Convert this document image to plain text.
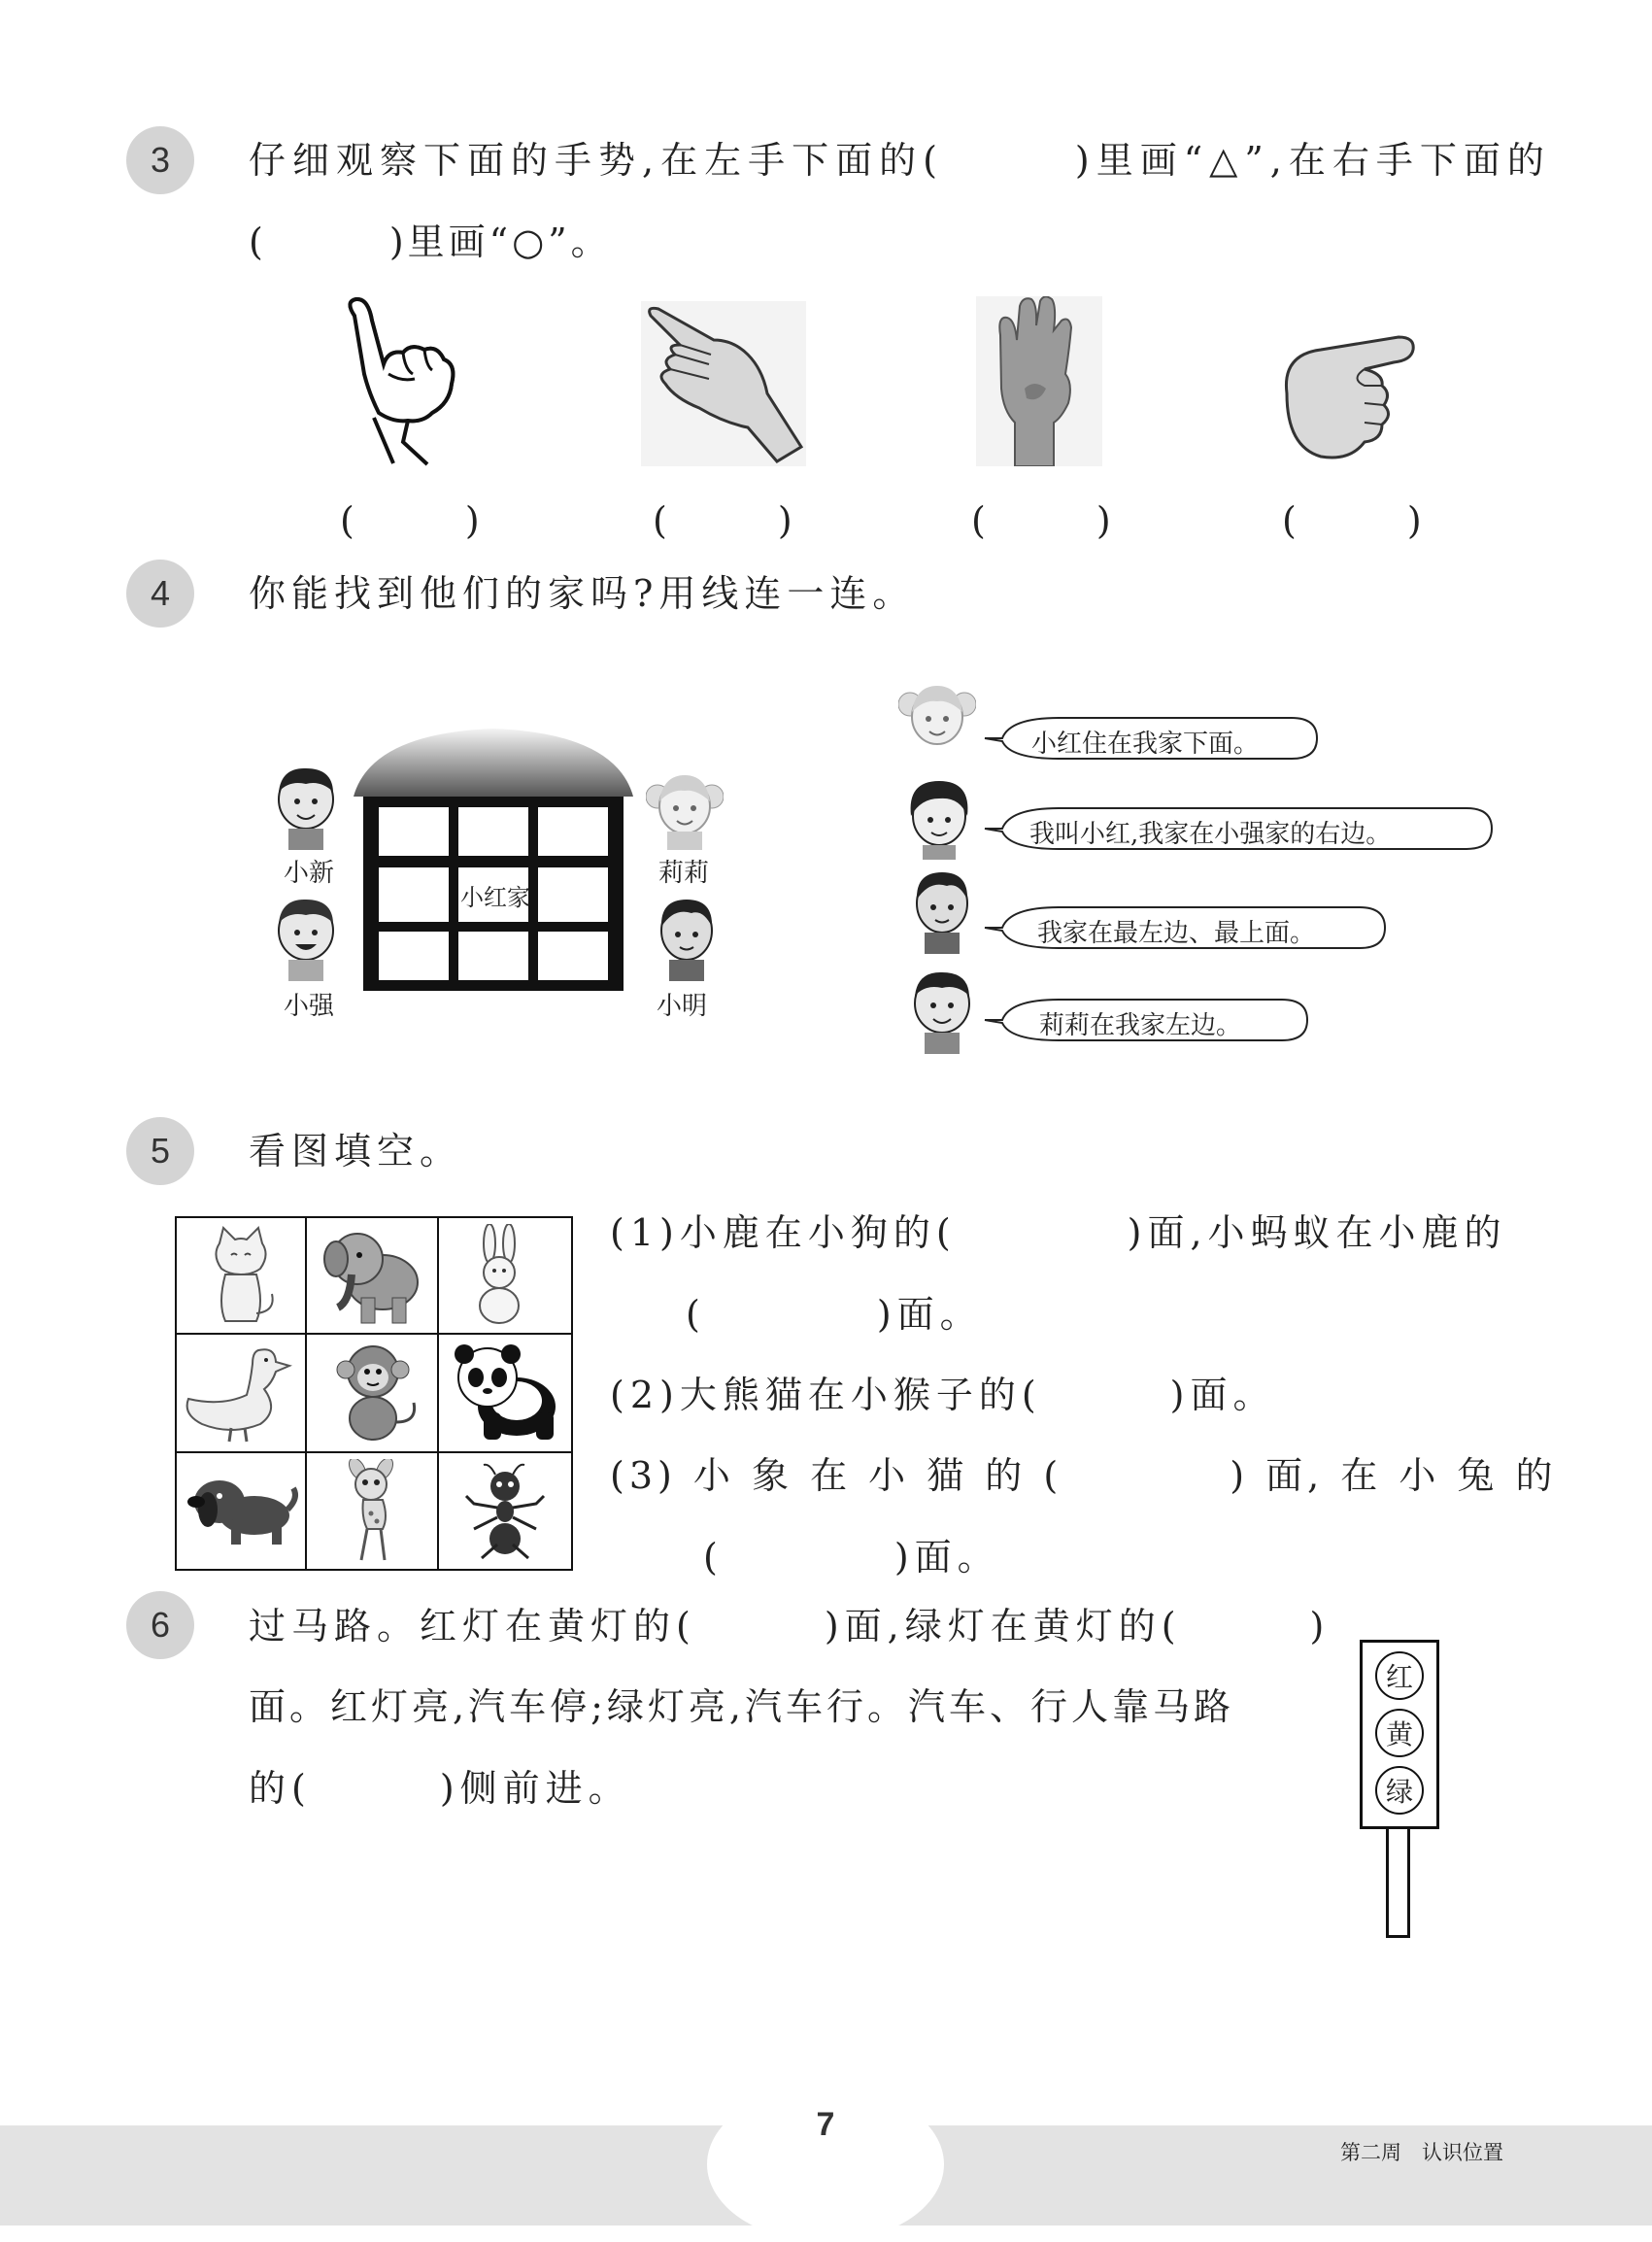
3 仔细观察下面的手势,在左手下面的(　　　)里画“△”,在右手下面的
(　　　)里画“○”。
(　　　)	(　　　)	(　　　)	(　　　)
4 你能找到他们的家吗?用线连一连。
小红家
小新
小强
莉莉
小明
小红住在我家下面。
我叫小红,我家在小强家的右边。
我家在最左边、最上面。
莉莉在我家左边。
5 看图填空。
(1)小鹿在小狗的(　　　　)面,小蚂蚁在小鹿的
(　　　　)面。
(2)大熊猫在小猴子的(　　　)面。
(3) 小 象 在 小 猫 的 (　　　　) 面, 在 小 兔 的
(　　　　)面。
6 过马路。红灯在黄灯的(　　　)面,绿灯在黄灯的(　　　)
面。红灯亮,汽车停;绿灯亮,汽车行。汽车、行人靠马路
的(　　　)侧前进。
红
黄
绿
7
第二周　认识位置
